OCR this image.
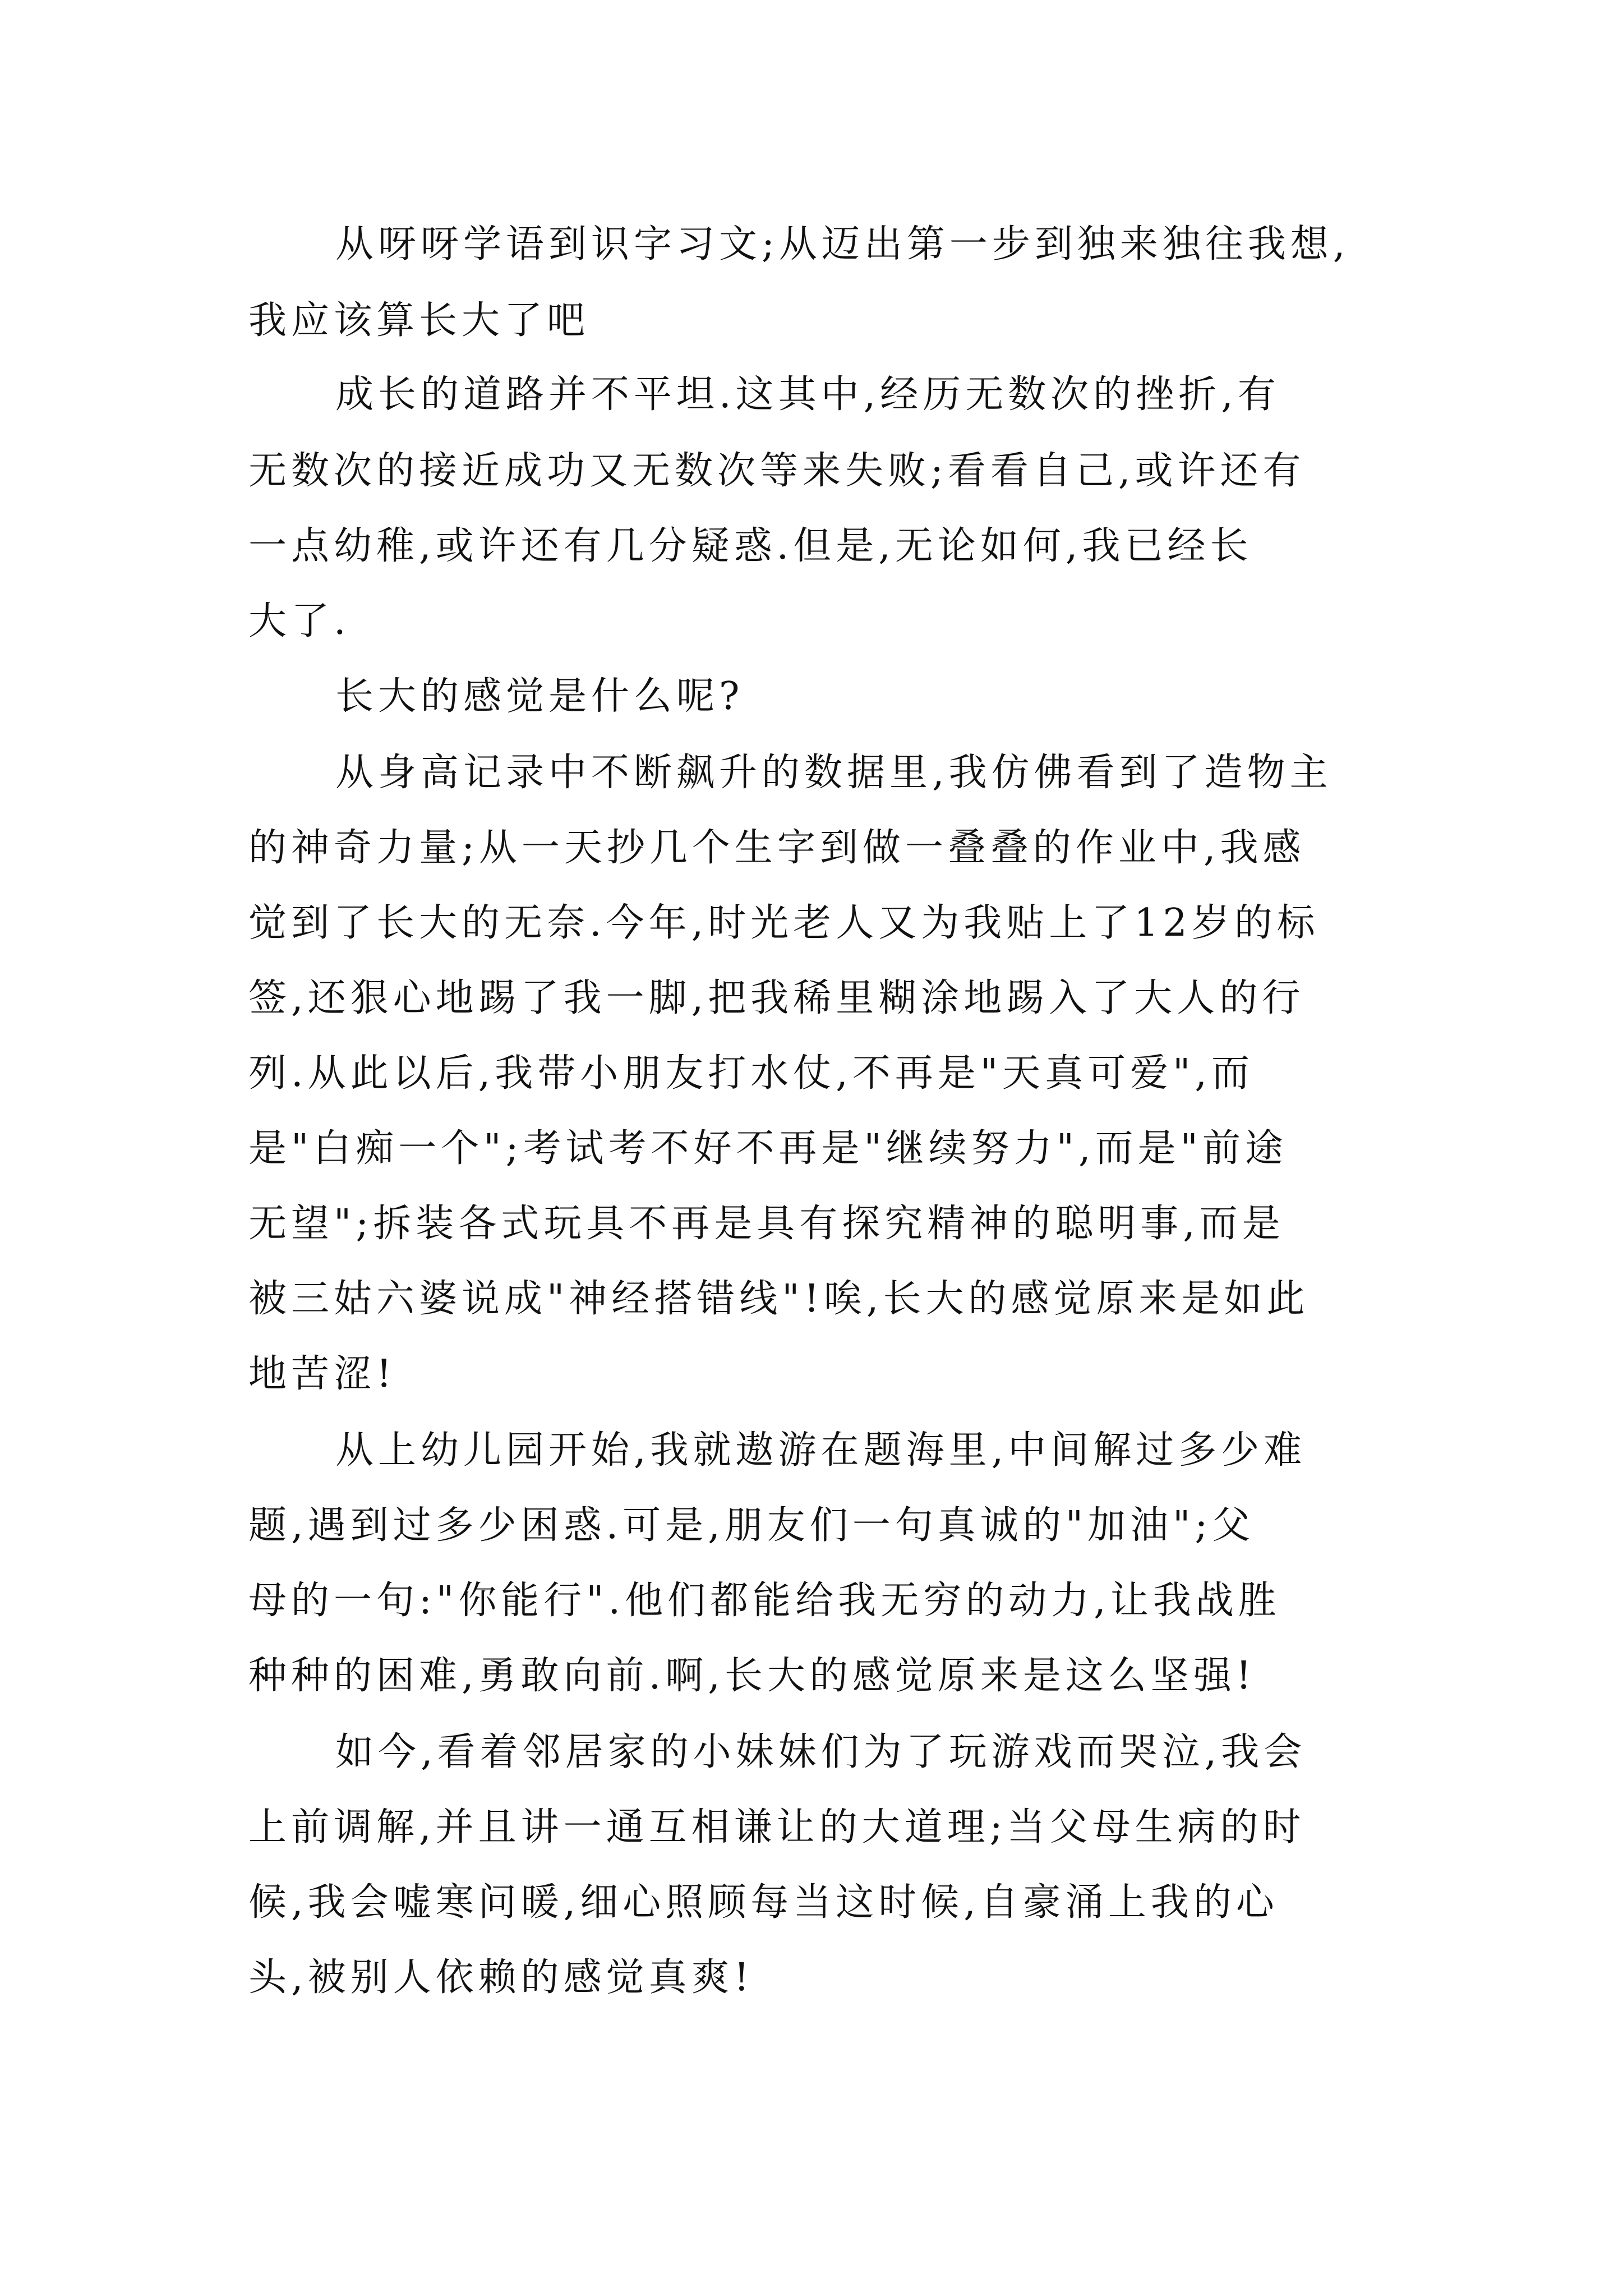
从呀呀学语到识字习文;从迈出第一步到独来独往我想,

我应该算长大了吧

成长的道路并不平坦.这其中,经历无数次的挫折,有

无数次的接近成功又无数次等来失败;看看自己,或许还有

一点幼稚,或许还有几分疑惑.但是,无论如何,我已经长

大了.

长大的感觉是什么呢?

从身高记录中不断飙升的数据里,我仿佛看到了造物主

的神奇力量;从一天抄几个生字到做一叠叠的作业中,我感

觉到了长大的无奈.今年,时光老人又为我贴上了12岁的标

签,还狠心地踢了我一脚,把我稀里糊涂地踢入了大人的行

列.从此以后,我带小朋友打水仗,不再是"天真可爱",而

是"白痴一个";考试考不好不再是"继续努力",而是"前途

无望";拆装各式玩具不再是具有探究精神的聪明事,而是

被三姑六婆说成"神经搭错线"!唉,长大的感觉原来是如此

地苦涩!

从上幼儿园开始,我就遨游在题海里,中间解过多少难

题,遇到过多少困惑.可是,朋友们一句真诚的"加油";父

母的一句:"你能行".他们都能给我无穷的动力,让我战胜

种种的困难,勇敢向前.啊,长大的感觉原来是这么坚强!

如今,看着邻居家的小妹妹们为了玩游戏而哭泣,我会

上前调解,并且讲一通互相谦让的大道理;当父母生病的时

候,我会嘘寒问暖,细心照顾每当这时候,自豪涌上我的心

头,被别人依赖的感觉真爽!
